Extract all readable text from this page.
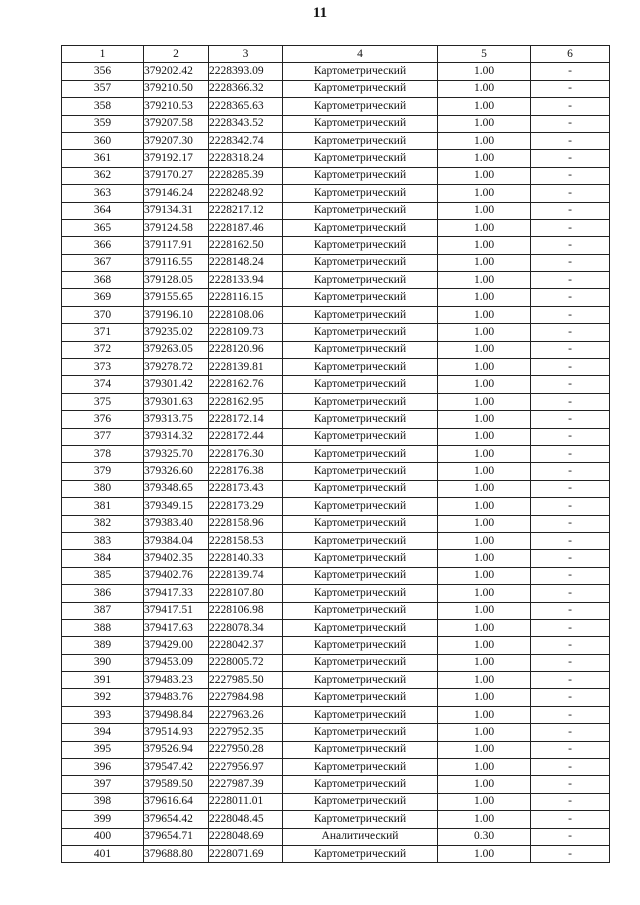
11
1	2	3	4	5	6
356	379202.42	2228393.09	Картометрический	1.00	-
357	379210.50	2228366.32	Картометрический	1.00	-
358	379210.53	2228365.63	Картометрический	1.00	-
359	379207.58	2228343.52	Картометрический	1.00	-
360	379207.30	2228342.74	Картометрический	1.00	-
361	379192.17	2228318.24	Картометрический	1.00	-
362	379170.27	2228285.39	Картометрический	1.00	-
363	379146.24	2228248.92	Картометрический	1.00	-
364	379134.31	2228217.12	Картометрический	1.00	-
365	379124.58	2228187.46	Картометрический	1.00	-
366	379117.91	2228162.50	Картометрический	1.00	-
367	379116.55	2228148.24	Картометрический	1.00	-
368	379128.05	2228133.94	Картометрический	1.00	-
369	379155.65	2228116.15	Картометрический	1.00	-
370	379196.10	2228108.06	Картометрический	1.00	-
371	379235.02	2228109.73	Картометрический	1.00	-
372	379263.05	2228120.96	Картометрический	1.00	-
373	379278.72	2228139.81	Картометрический	1.00	-
374	379301.42	2228162.76	Картометрический	1.00	-
375	379301.63	2228162.95	Картометрический	1.00	-
376	379313.75	2228172.14	Картометрический	1.00	-
377	379314.32	2228172.44	Картометрический	1.00	-
378	379325.70	2228176.30	Картометрический	1.00	-
379	379326.60	2228176.38	Картометрический	1.00	-
380	379348.65	2228173.43	Картометрический	1.00	-
381	379349.15	2228173.29	Картометрический	1.00	-
382	379383.40	2228158.96	Картометрический	1.00	-
383	379384.04	2228158.53	Картометрический	1.00	-
384	379402.35	2228140.33	Картометрический	1.00	-
385	379402.76	2228139.74	Картометрический	1.00	-
386	379417.33	2228107.80	Картометрический	1.00	-
387	379417.51	2228106.98	Картометрический	1.00	-
388	379417.63	2228078.34	Картометрический	1.00	-
389	379429.00	2228042.37	Картометрический	1.00	-
390	379453.09	2228005.72	Картометрический	1.00	-
391	379483.23	2227985.50	Картометрический	1.00	-
392	379483.76	2227984.98	Картометрический	1.00	-
393	379498.84	2227963.26	Картометрический	1.00	-
394	379514.93	2227952.35	Картометрический	1.00	-
395	379526.94	2227950.28	Картометрический	1.00	-
396	379547.42	2227956.97	Картометрический	1.00	-
397	379589.50	2227987.39	Картометрический	1.00	-
398	379616.64	2228011.01	Картометрический	1.00	-
399	379654.42	2228048.45	Картометрический	1.00	-
400	379654.71	2228048.69	Аналитический	0.30	-
401	379688.80	2228071.69	Картометрический	1.00	-
